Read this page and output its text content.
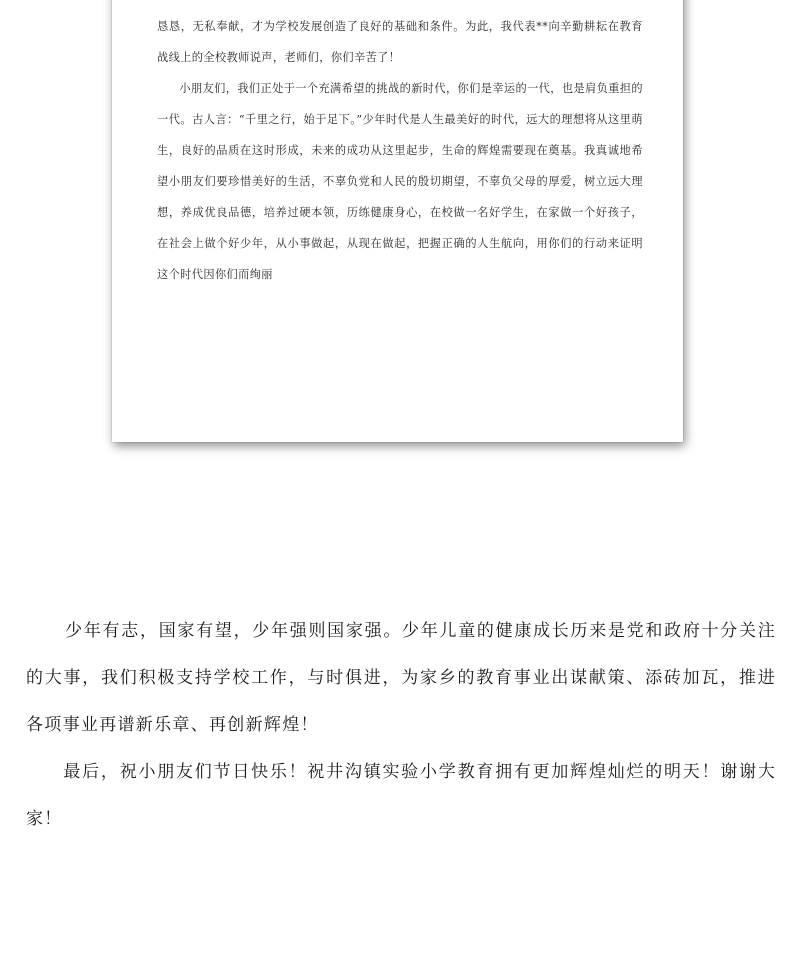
恳恳，无私奉献，才为学校发展创造了良好的基础和条件。为此，我代表**向辛勤耕耘在教育战线上的全校教师说声，老师们，你们辛苦了！

小朋友们，我们正处于一个充满希望的挑战的新时代，你们是幸运的一代，也是肩负重担的一代。古人言：“千里之行，始于足下。”少年时代是人生最美好的时代，远大的理想将从这里萌生，良好的品质在这时形成，未来的成功从这里起步，生命的辉煌需要现在奠基。我真诚地希望小朋友们要珍惜美好的生活，不辜负党和人民的殷切期望，不辜负父母的厚爱，树立远大理想，养成优良品德，培养过硬本领，历练健康身心，在校做一名好学生，在家做一个好孩子，在社会上做个好少年，从小事做起，从现在做起，把握正确的人生航向，用你们的行动来证明这个时代因你们而绚丽

少年有志，国家有望，少年强则国家强。少年儿童的健康成长历来是党和政府十分关注的大事，我们积极支持学校工作，与时俱进，为家乡的教育事业出谋献策、添砖加瓦，推进各项事业再谱新乐章、再创新辉煌！

最后，祝小朋友们节日快乐！祝井沟镇实验小学教育拥有更加辉煌灿烂的明天！谢谢大家！
